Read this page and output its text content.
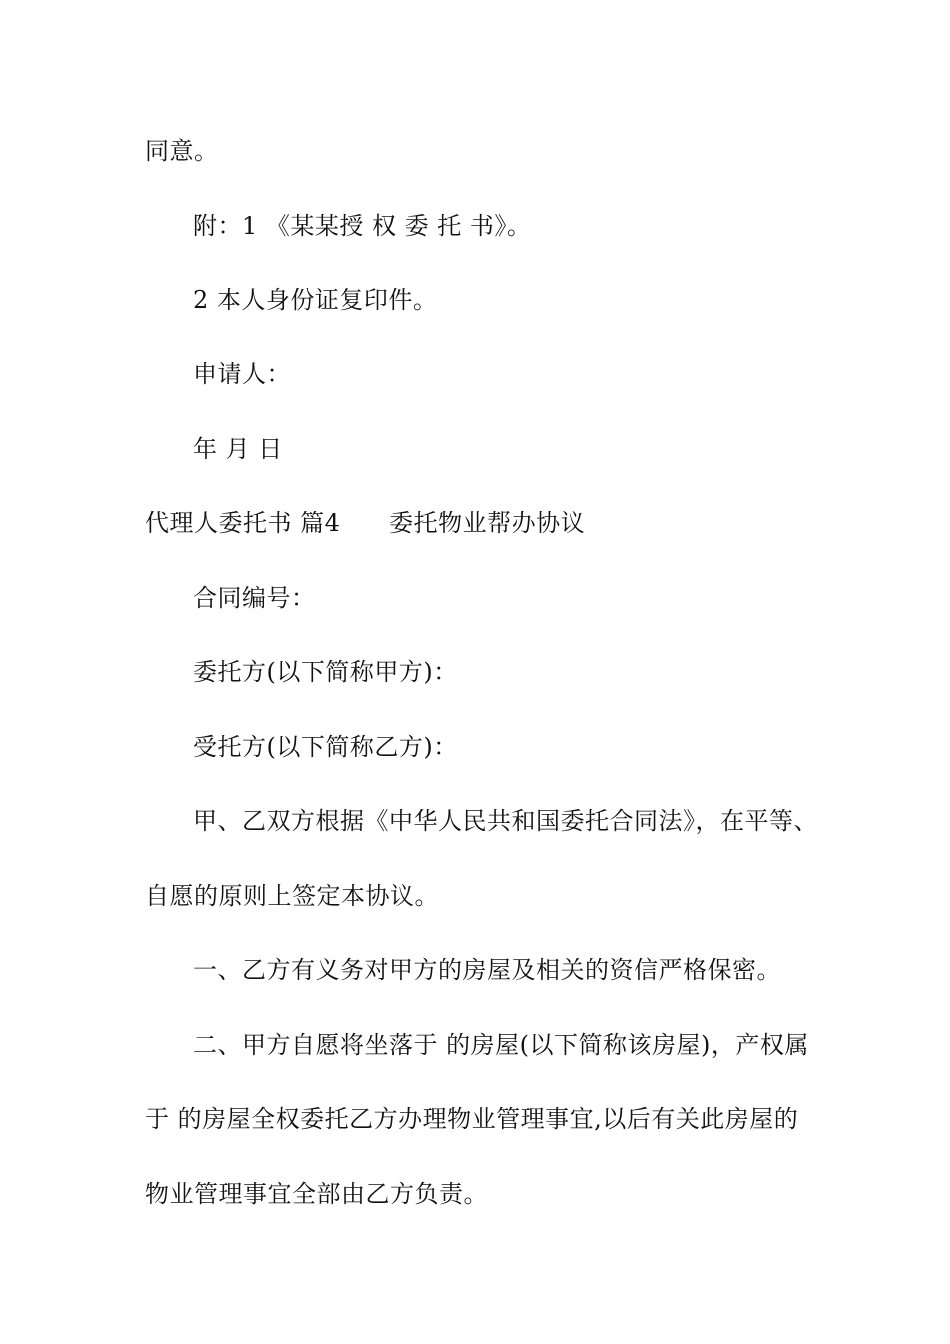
同意。
附：1 《某某授 权 委 托 书》。
2 本人身份证复印件。
申请人：
年 月 日
代理人委托书 篇4      委托物业帮办协议
合同编号：
委托方(以下简称甲方)：
受托方(以下简称乙方)：
甲、乙双方根据《中华人民共和国委托合同法》，在平等、
自愿的原则上签定本协议。
一、乙方有义务对甲方的房屋及相关的资信严格保密。
二、甲方自愿将坐落于 的房屋(以下简称该房屋)，产权属
于 的房屋全权委托乙方办理物业管理事宜,以后有关此房屋的
物业管理事宜全部由乙方负责。
